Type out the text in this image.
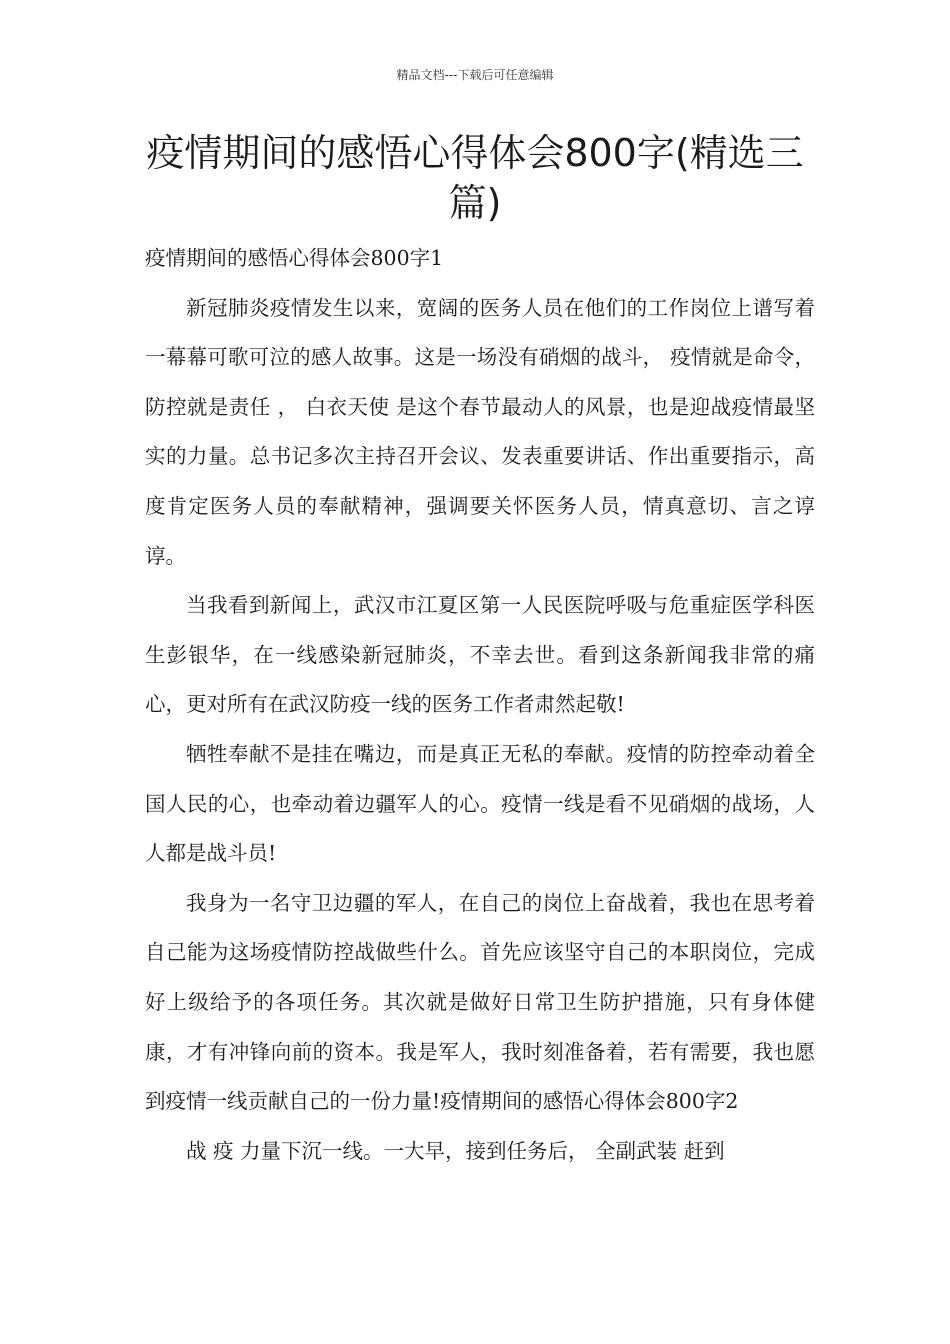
精品文档---下载后可任意编辑
疫情期间的感悟心得体会800字(精选三篇)

疫情期间的感悟心得体会800字1

新冠肺炎疫情发生以来，宽阔的医务人员在他们的工作岗位上谱写着一幕幕可歌可泣的感人故事。这是一场没有硝烟的战斗， 疫情就是命令，防控就是责任 ， 白衣天使 是这个春节最动人的风景，也是迎战疫情最坚实的力量。总书记多次主持召开会议、发表重要讲话、作出重要指示，高度肯定医务人员的奉献精神，强调要关怀医务人员，情真意切、言之谆谆。

当我看到新闻上，武汉市江夏区第一人民医院呼吸与危重症医学科医生彭银华，在一线感染新冠肺炎，不幸去世。看到这条新闻我非常的痛心，更对所有在武汉防疫一线的医务工作者肃然起敬!

牺牲奉献不是挂在嘴边，而是真正无私的奉献。疫情的防控牵动着全国人民的心，也牵动着边疆军人的心。疫情一线是看不见硝烟的战场，人人都是战斗员!

我身为一名守卫边疆的军人，在自己的岗位上奋战着，我也在思考着自己能为这场疫情防控战做些什么。首先应该坚守自己的本职岗位，完成好上级给予的各项任务。其次就是做好日常卫生防护措施，只有身体健康，才有冲锋向前的资本。我是军人，我时刻准备着，若有需要，我也愿到疫情一线贡献自己的一份力量!疫情期间的感悟心得体会800字2

战 疫 力量下沉一线。一大早，接到任务后， 全副武装 赶到
